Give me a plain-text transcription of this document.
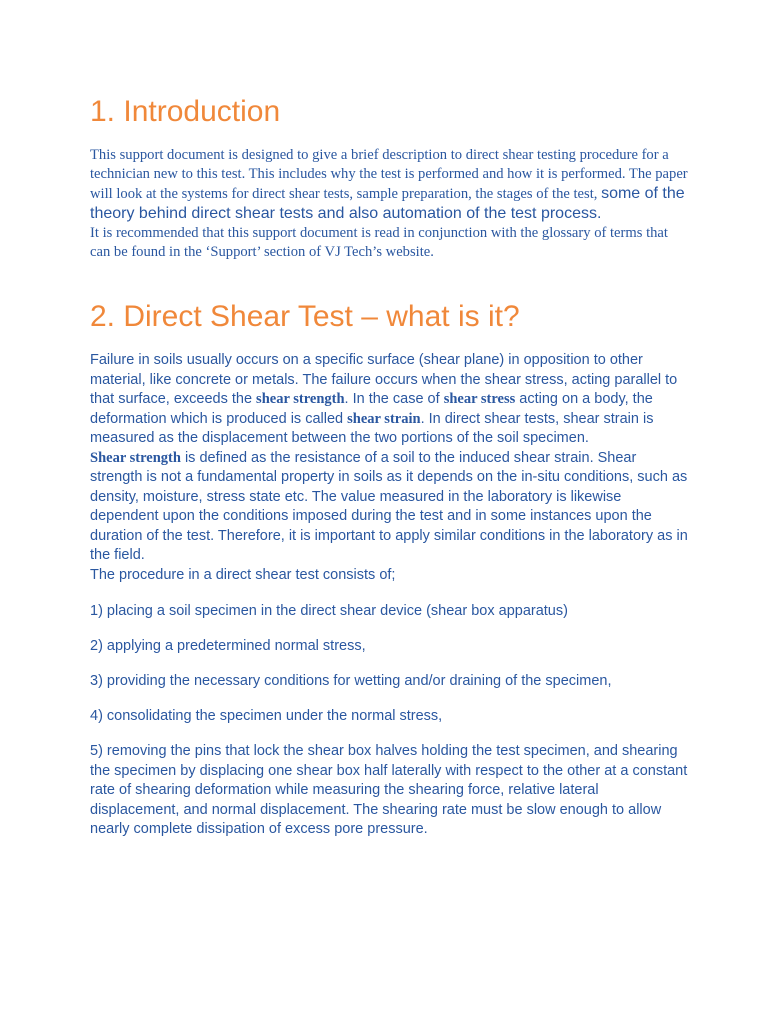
1. Introduction

This support document is designed to give a brief description to direct shear testing procedure for a technician new to this test. This includes why the test is performed and how it is performed. The paper will look at the systems for direct shear tests, sample preparation, the stages of the test, some of the theory behind direct shear tests and also automation of the test process.

It is recommended that this support document is read in conjunction with the glossary of terms that can be found in the ‘Support’ section of VJ Tech’s website.

2. Direct Shear Test – what is it?

Failure in soils usually occurs on a specific surface (shear plane) in opposition to other material, like concrete or metals. The failure occurs when the shear stress, acting parallel to that surface, exceeds the shear strength. In the case of shear stress acting on a body, the deformation which is produced is called shear strain. In direct shear tests, shear strain is measured as the displacement between the two portions of the soil specimen.

Shear strength is defined as the resistance of a soil to the induced shear strain. Shear strength is not a fundamental property in soils as it depends on the in-situ conditions, such as density, moisture, stress state etc. The value measured in the laboratory is likewise dependent upon the conditions imposed during the test and in some instances upon the duration of the test. Therefore, it is important to apply similar conditions in the laboratory as in the field.

The procedure in a direct shear test consists of;

1) placing a soil specimen in the direct shear device (shear box apparatus)

2) applying a predetermined normal stress,

3) providing the necessary conditions for wetting and/or draining of the specimen,

4) consolidating the specimen under the normal stress,

5) removing the pins that lock the shear box halves holding the test specimen, and shearing the specimen by displacing one shear box half laterally with respect to the other at a constant rate of shearing deformation while measuring the shearing force, relative lateral displacement, and normal displacement. The shearing rate must be slow enough to allow nearly complete dissipation of excess pore pressure.
